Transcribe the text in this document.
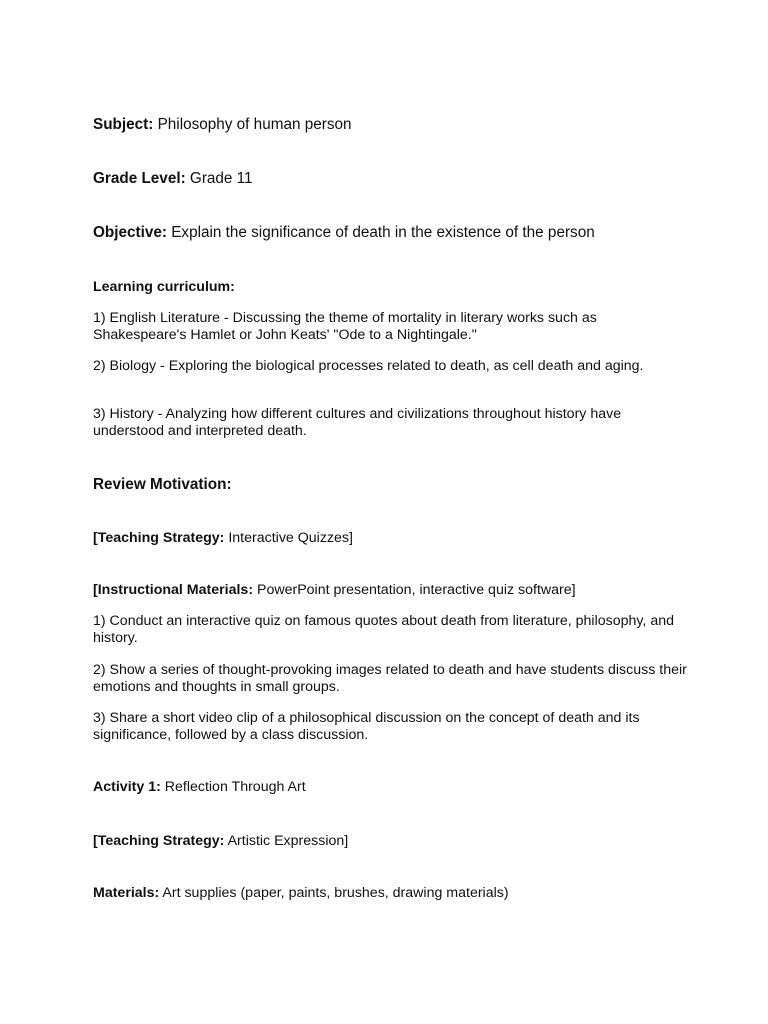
Subject: Philosophy of human person
Grade Level: Grade 11
Objective: Explain the significance of death in the existence of the person
Learning curriculum:
1) English Literature - Discussing the theme of mortality in literary works such as Shakespeare's Hamlet or John Keats' "Ode to a Nightingale."
2) Biology - Exploring the biological processes related to death, as cell death and aging.
3) History - Analyzing how different cultures and civilizations throughout history have understood and interpreted death.
Review Motivation:
[Teaching Strategy: Interactive Quizzes]
[Instructional Materials: PowerPoint presentation, interactive quiz software]
1) Conduct an interactive quiz on famous quotes about death from literature, philosophy, and history.
2) Show a series of thought-provoking images related to death and have students discuss their emotions and thoughts in small groups.
3) Share a short video clip of a philosophical discussion on the concept of death and its significance, followed by a class discussion.
Activity 1: Reflection Through Art
[Teaching Strategy: Artistic Expression]
Materials: Art supplies (paper, paints, brushes, drawing materials)
